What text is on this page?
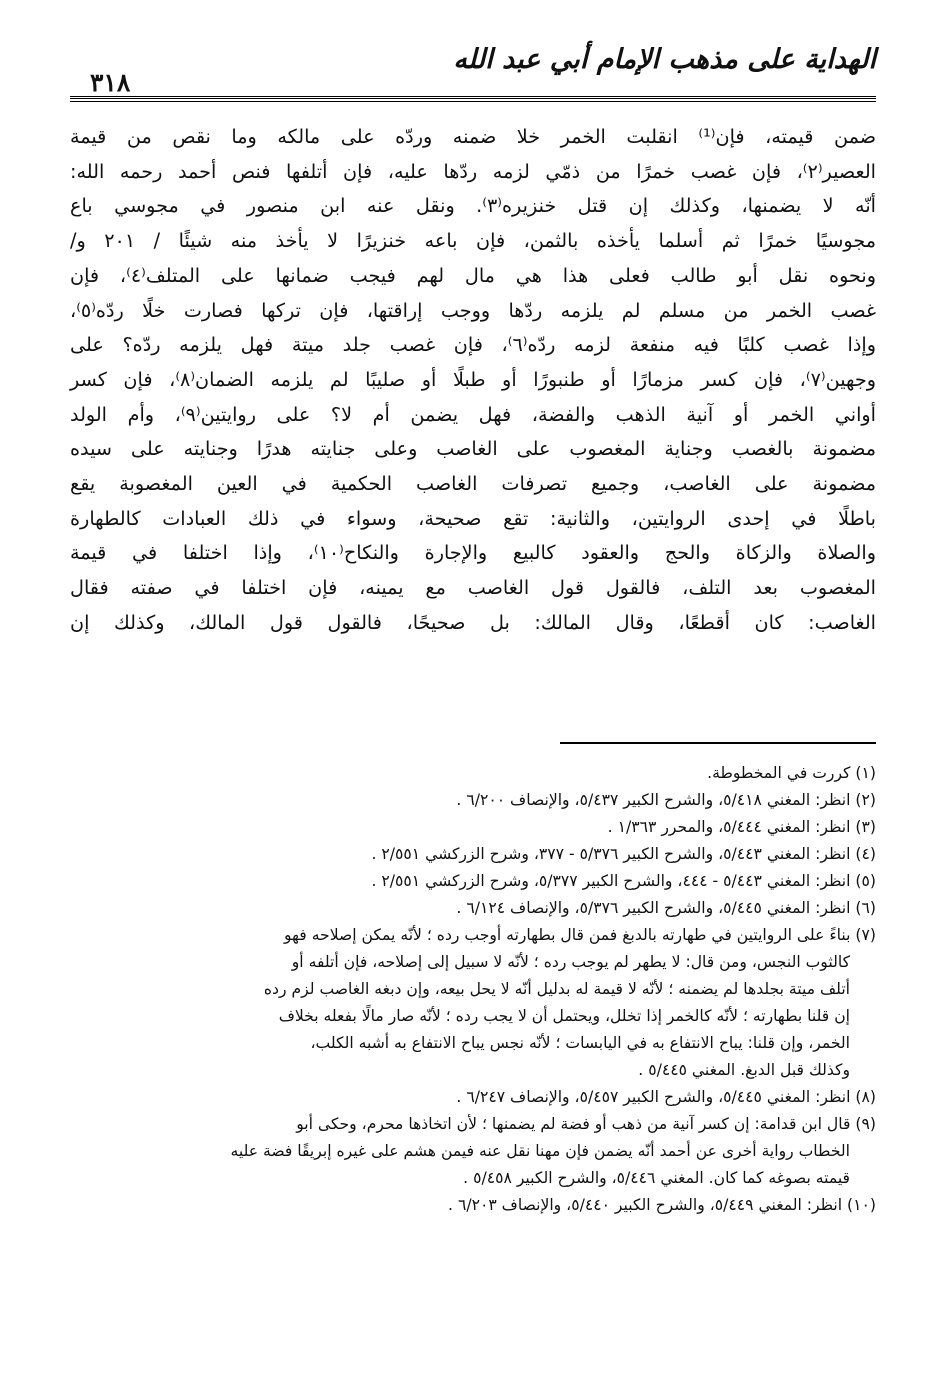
الهداية على مذهب الإمام أبي عبد الله
٣١٨
ضمن قيمته، فإن⁽¹⁾ انقلبت الخمر خلا ضمنه وردّه على مالكه وما نقص من قيمة
العصير⁽٢⁾، فإن غصب خمرًا من ذمّي لزمه ردّها عليه، فإن أتلفها فنص أحمد رحمه الله:
أنّه لا يضمنها، وكذلك إن قتل خنزيره⁽٣⁾. ونقل عنه ابن منصور في مجوسي باع
مجوسيًا خمرًا ثم أسلما يأخذه بالثمن، فإن باعه خنزيرًا لا يأخذ منه شيئًا / ٢٠١ و/
ونحوه نقل أبو طالب فعلى هذا هي مال لهم فيجب ضمانها على المتلف⁽٤⁾، فإن
غصب الخمر من مسلم لم يلزمه ردّها ووجب إراقتها، فإن تركها فصارت خلًا ردّه⁽٥⁾،
وإذا غصب كلبًا فيه منفعة لزمه ردّه⁽٦⁾، فإن غصب جلد ميتة فهل يلزمه ردّه؟ على
وجهين⁽٧⁾، فإن كسر مزمارًا أو طنبورًا أو طبلًا أو صليبًا لم يلزمه الضمان⁽٨⁾، فإن كسر
أواني الخمر أو آنية الذهب والفضة، فهل يضمن أم لا؟ على روايتين⁽٩⁾، وأم الولد
مضمونة بالغصب وجناية المغصوب على الغاصب وعلى جنايته هدرًا وجنايته على سيده
مضمونة على الغاصب، وجميع تصرفات الغاصب الحكمية في العين المغصوبة يقع
باطلًا في إحدى الروايتين، والثانية: تقع صحيحة، وسواء في ذلك العبادات كالطهارة
والصلاة والزكاة والحج والعقود كالبيع والإجارة والنكاح⁽١٠⁾، وإذا اختلفا في قيمة
المغصوب بعد التلف، فالقول قول الغاصب مع يمينه، فإن اختلفا في صفته فقال
الغاصب: كان أقطعًا، وقال المالك: بل صحيحًا، فالقول قول المالك، وكذلك إن
(١) كررت في المخطوطة.
(٢) انظر: المغني ٥/٤١٨، والشرح الكبير ٥/٤٣٧، والإنصاف ٦/٢٠٠ .
(٣) انظر: المغني ٥/٤٤٤، والمحرر ١/٣٦٣ .
(٤) انظر: المغني ٥/٤٤٣، والشرح الكبير ٥/٣٧٦ - ٣٧٧، وشرح الزركشي ٢/٥٥١ .
(٥) انظر: المغني ٥/٤٤٣ - ٤٤٤، والشرح الكبير ٥/٣٧٧، وشرح الزركشي ٢/٥٥١ .
(٦) انظر: المغني ٥/٤٤٥، والشرح الكبير ٥/٣٧٦، والإنصاف ٦/١٢٤ .
(٧) بناءً على الروايتين في طهارته بالدبغ فمن قال بطهارته أوجب رده ؛ لأنّه يمكن إصلاحه فهو
كالثوب النجس، ومن قال: لا يطهر لم يوجب رده ؛ لأنّه لا سبيل إلى إصلاحه، فإن أتلفه أو
أتلف ميتة بجلدها لم يضمنه ؛ لأنّه لا قيمة له بدليل أنّه لا يحل بيعه، وإن دبغه الغاصب لزم رده
إن قلنا بطهارته ؛ لأنّه كالخمر إذا تخلل، ويحتمل أن لا يجب رده ؛ لأنّه صار مالًا بفعله بخلاف
الخمر، وإن قلنا: يباح الانتفاع به في اليابسات ؛ لأنّه نجس يباح الانتفاع به أشبه الكلب،
وكذلك قبل الدبغ. المغني ٥/٤٤٥ .
(٨) انظر: المغني ٥/٤٤٥، والشرح الكبير ٥/٤٥٧، والإنصاف ٦/٢٤٧ .
(٩) قال ابن قدامة: إن كسر آنية من ذهب أو فضة لم يضمنها ؛ لأن اتخاذها محرم، وحكى أبو
الخطاب رواية أخرى عن أحمد أنّه يضمن فإن مهنا نقل عنه فيمن هشم على غيره إبريقًا فضة عليه
قيمته بصوغه كما كان. المغني ٥/٤٤٦، والشرح الكبير ٥/٤٥٨ .
(١٠) انظر: المغني ٥/٤٤٩، والشرح الكبير ٥/٤٤٠، والإنصاف ٦/٢٠٣ .
